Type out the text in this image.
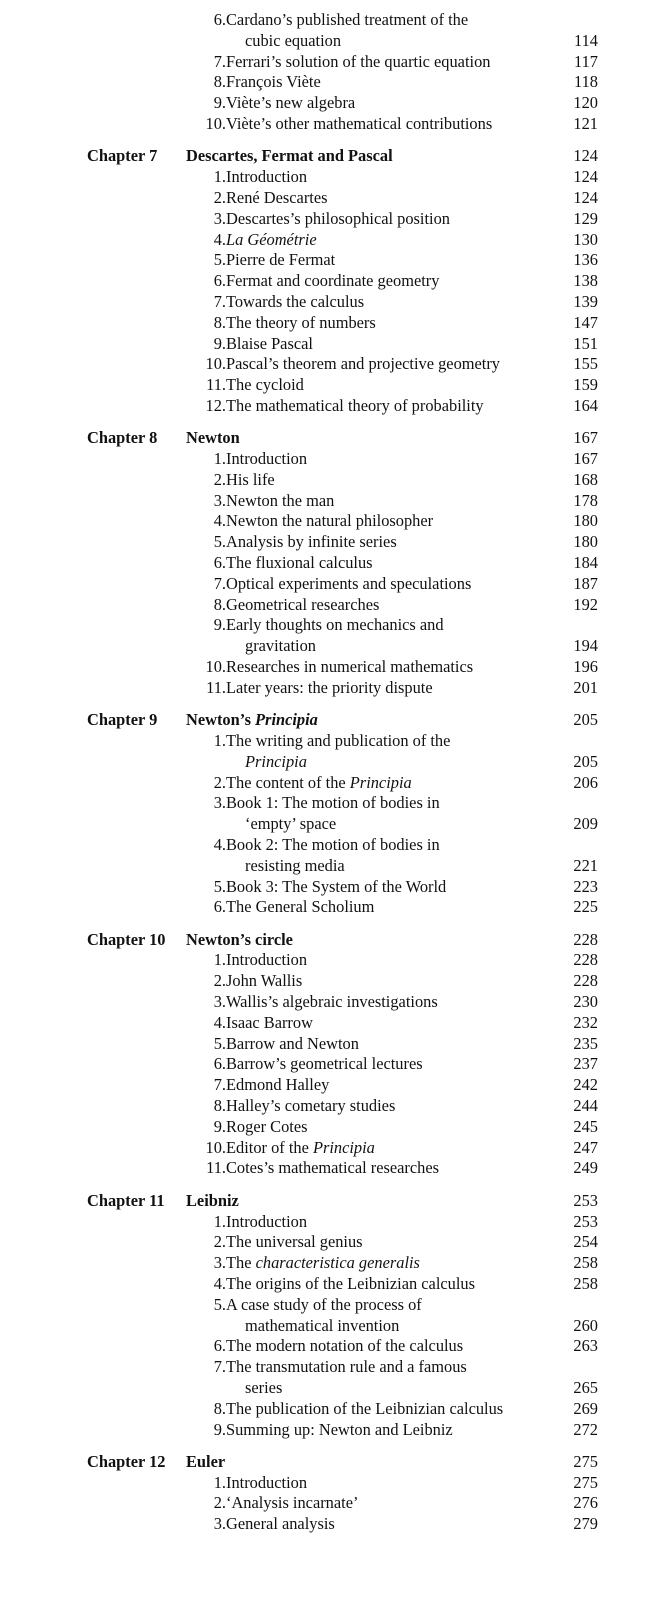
6. Cardano’s published treatment of the
cubic equation	114
7. Ferrari’s solution of the quartic equation	117
8. François Viète	118
9. Viète’s new algebra	120
10. Viète’s other mathematical contributions	121
Chapter 7 Descartes, Fermat and Pascal	124
1. Introduction	124
2. René Descartes	124
3. Descartes’s philosophical position	129
4. La Géométrie	130
5. Pierre de Fermat	136
6. Fermat and coordinate geometry	138
7. Towards the calculus	139
8. The theory of numbers	147
9. Blaise Pascal	151
10. Pascal’s theorem and projective geometry	155
11. The cycloid	159
12. The mathematical theory of probability	164
Chapter 8 Newton	167
1. Introduction	167
2. His life	168
3. Newton the man	178
4. Newton the natural philosopher	180
5. Analysis by infinite series	180
6. The fluxional calculus	184
7. Optical experiments and speculations	187
8. Geometrical researches	192
9. Early thoughts on mechanics and
gravitation	194
10. Researches in numerical mathematics	196
11. Later years: the priority dispute	201
Chapter 9 Newton’s Principia	205
1. The writing and publication of the
Principia	205
2. The content of the Principia	206
3. Book 1: The motion of bodies in
‘empty’ space	209
4. Book 2: The motion of bodies in
resisting media	221
5. Book 3: The System of the World	223
6. The General Scholium	225
Chapter 10 Newton’s circle	228
1. Introduction	228
2. John Wallis	228
3. Wallis’s algebraic investigations	230
4. Isaac Barrow	232
5. Barrow and Newton	235
6. Barrow’s geometrical lectures	237
7. Edmond Halley	242
8. Halley’s cometary studies	244
9. Roger Cotes	245
10. Editor of the Principia	247
11. Cotes’s mathematical researches	249
Chapter 11 Leibniz	253
1. Introduction	253
2. The universal genius	254
3. The characteristica generalis	258
4. The origins of the Leibnizian calculus	258
5. A case study of the process of
mathematical invention	260
6. The modern notation of the calculus	263
7. The transmutation rule and a famous
series	265
8. The publication of the Leibnizian calculus	269
9. Summing up: Newton and Leibniz	272
Chapter 12 Euler	275
1. Introduction	275
2. ‘Analysis incarnate’	276
3. General analysis	279
